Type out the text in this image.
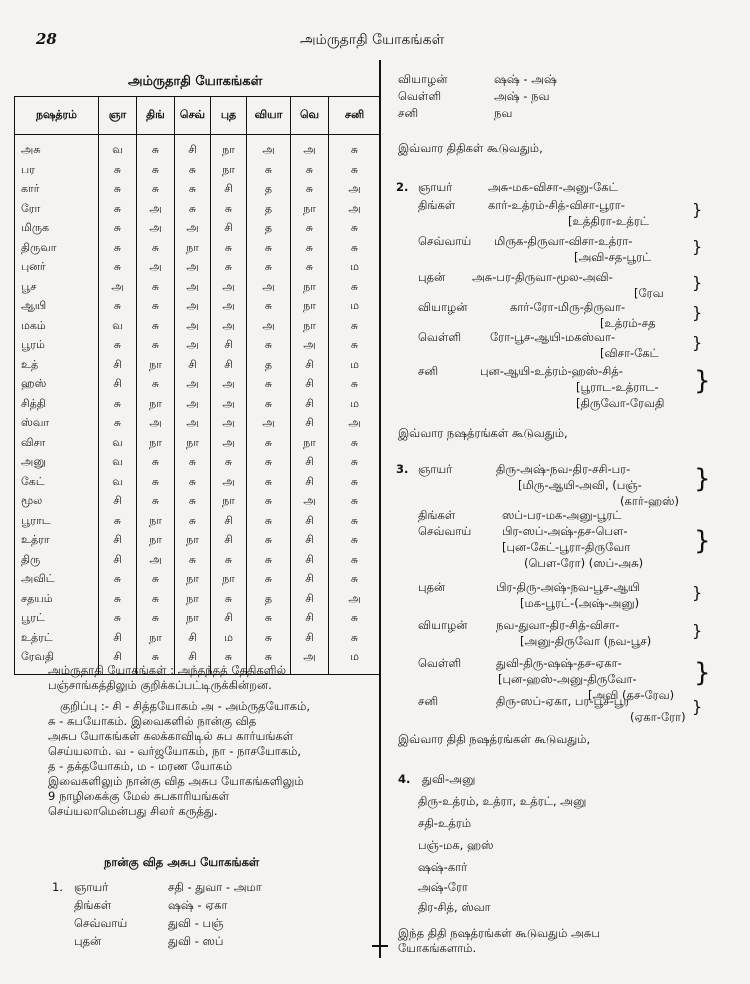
28	அம்ருதாதி யோகங்கள்
அம்ருதாதி யோகங்கள்
நஷத்ரம்	ஞா	திங்	செவ்	புத	வியா	வெ	சனி
அசு	வ	சு	சி	நா	அ	அ	சு
பர	சு	சு	சு	நா	சு	சு	சு
கார்	சு	சு	சு	சி	த	சு	அ
ரோ	சு	அ	சு	சு	த	நா	அ
மிருக	சு	அ	அ	சி	த	சு	சு
திருவா	சு	சு	நா	சு	சு	சு	சு
புனர்	சு	அ	அ	சு	சு	சு	ம
பூச	அ	சு	அ	அ	அ	நா	சு
ஆயி	சு	சு	அ	அ	சு	நா	ம
மகம்	வ	சு	அ	அ	அ	நா	சு
பூரம்	சு	சு	அ	சி	சு	அ	சு
உத்	சி	நா	சி	சி	த	சி	ம
ஹஸ்	சி	சு	அ	அ	சு	சி	சு
சித்தி	சு	நா	அ	அ	சு	சி	ம
ஸ்வா	சு	அ	அ	அ	அ	சி	அ
விசா	வ	நா	நா	அ	சு	நா	சு
அனு	வ	சு	சு	சு	சு	சி	சு
கேட்	வ	சு	சு	அ	சு	சி	சு
மூல	சி	சு	சு	நா	சு	அ	சு
பூராட	சு	நா	சு	சி	சு	சி	சு
உத்ரா	சி	நா	நா	சி	சு	சி	சு
திரு	சி	அ	சு	சு	சு	சி	சு
அவிட்	சு	சு	நா	நா	சு	சி	சு
சதயம்	சு	சு	நா	சு	த	சி	அ
பூரட்	சு	சு	நா	சி	சு	சி	சு
உத்ரட்	சி	நா	சி	ம	சு	சி	சு
ரேவதி	சி	சு	சி	சு	சு	அ	ம
அம்ருதாதி யோகங்கள் : அந்தந்தத் தேதிகளில்
பஞ்சாங்கத்திலும் குறிக்கப்பட்டிருக்கின்றன.
குறிப்பு :- சி - சித்தயோகம் அ - அம்ருதயோகம்,
சு - சுபயோகம். இவைகளில் நான்கு வித
அசுப யோகங்கள் கலக்காவிடில் சுப கார்யங்கள்
செய்யலாம். வ - வர்ஜயோகம், நா - நாசயோகம்,
த - தக்தயோகம், ம - மரண யோகம்
இவைகளிலும் நான்கு வித அசுப யோகங்களிலும்
9 நாழிகைக்கு மேல் சுபகாரியங்கள்
செய்யலாமென்பது சிலர் கருத்து.
நான்கு வித அசுப யோகங்கள்
1. ஞாயர்	சதி - துவா - அமா
திங்கள்	ஷஷ் - ஏகா
செவ்வாய்	துவி - பஞ்
புதன்	துவி - ஸப்
வியாழன்	ஷஷ் - அஷ்
வெள்ளி	அஷ் - நவ
சனி	நவ
இவ்வார திதிகள் கூடுவதும்,
2. ஞாயர்	அசு-மக-விசா-அனு-கேட்
திங்கள்	கார்-உத்ரம்-சித்-விசா-பூரா-
[உத்திரா-உத்ரட்
}
செவ்வாய் மிருக-திருவா-விசா-உத்ரா-
[அவி-சத-பூரட்
}
புதன் அசு-பர-திருவா-மூல-அவி-
[ரேவ
}
வியாழன்	கார்-ரோ-மிரு-திருவா-
[உத்ரம்-சத
}
வெள்ளி	ரோ-பூச-ஆயி-மகஸ்வா-
[விசா-கேட்
}
சனி	புன-ஆயி-உத்ரம்-ஹஸ்-சித்-
[பூராட-உத்ராட-
[திருவோ-ரேவதி
}
இவ்வார நஷத்ரங்கள் கூடுவதும்,
3. ஞாயர்	திரு-அஷ்-நவ-திர-சசி-பர-
[மிரு-ஆயி-அவி, (பஞ்-
(கார்-ஹஸ்)
}
திங்கள்	ஸப்-பர-மக-அனு-பூரட்
செவ்வாய்	பிர-ஸப்-அஷ்-தச-பௌ-
[புன-கேட்-பூரா-திருவோ
(பௌ-ரோ) (ஸப்-அசு)
}
புதன்	பிர-திரு-அஷ்-நவ-பூச-ஆயி
[மக-பூரட்-(அஷ்-அனு)
}
வியாழன் நவ-துவா-திர-சித்-விசா-
[அனு-திருவோ (நவ-பூச)
}
வெள்ளி	துவி-திரு-ஷஷ்-தச-ஏகா-
[புன-ஹஸ்-அனு-திருவோ-
[அவி (தச-ரேவ)
}
சனி	திரு-ஸப்-ஏகா, பர-பூச-பூர
(ஏகா-ரோ)
}
இவ்வார திதி நஷத்ரங்கள் கூடுவதும்,
4. துவி-அனு
திரு-உத்ரம், உத்ரா, உத்ரட், அனு
சதி-உத்ரம்
பஞ்-மக, ஹஸ்
ஷஷ்-கார்
அஷ்-ரோ
திர-சித், ஸ்வா
இந்த திதி நஷத்ரங்கள் கூடுவதும் அசுப
யோகங்களாம்.
